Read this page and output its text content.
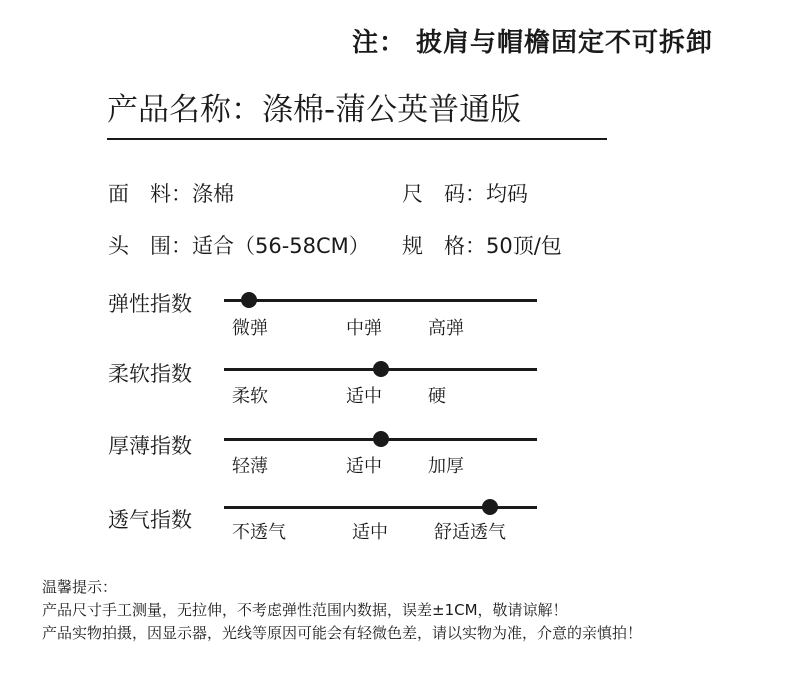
注： 披肩与帽檐固定不可拆卸
产品名称：涤棉-蒲公英普通版
面　料：涤棉	尺　码：均码
头　围：适合（56-58CM） 规　格：50顶/包
弹性指数
微弹	中弹	高弹
柔软指数
柔软	适中	硬
厚薄指数
轻薄	适中	加厚
透气指数
不透气	适中	舒适透气
温馨提示：
产品尺寸手工测量，无拉伸，不考虑弹性范围内数据，误差±1CM，敬请谅解！
产品实物拍摄，因显示器，光线等原因可能会有轻微色差，请以实物为准，介意的亲慎拍！
